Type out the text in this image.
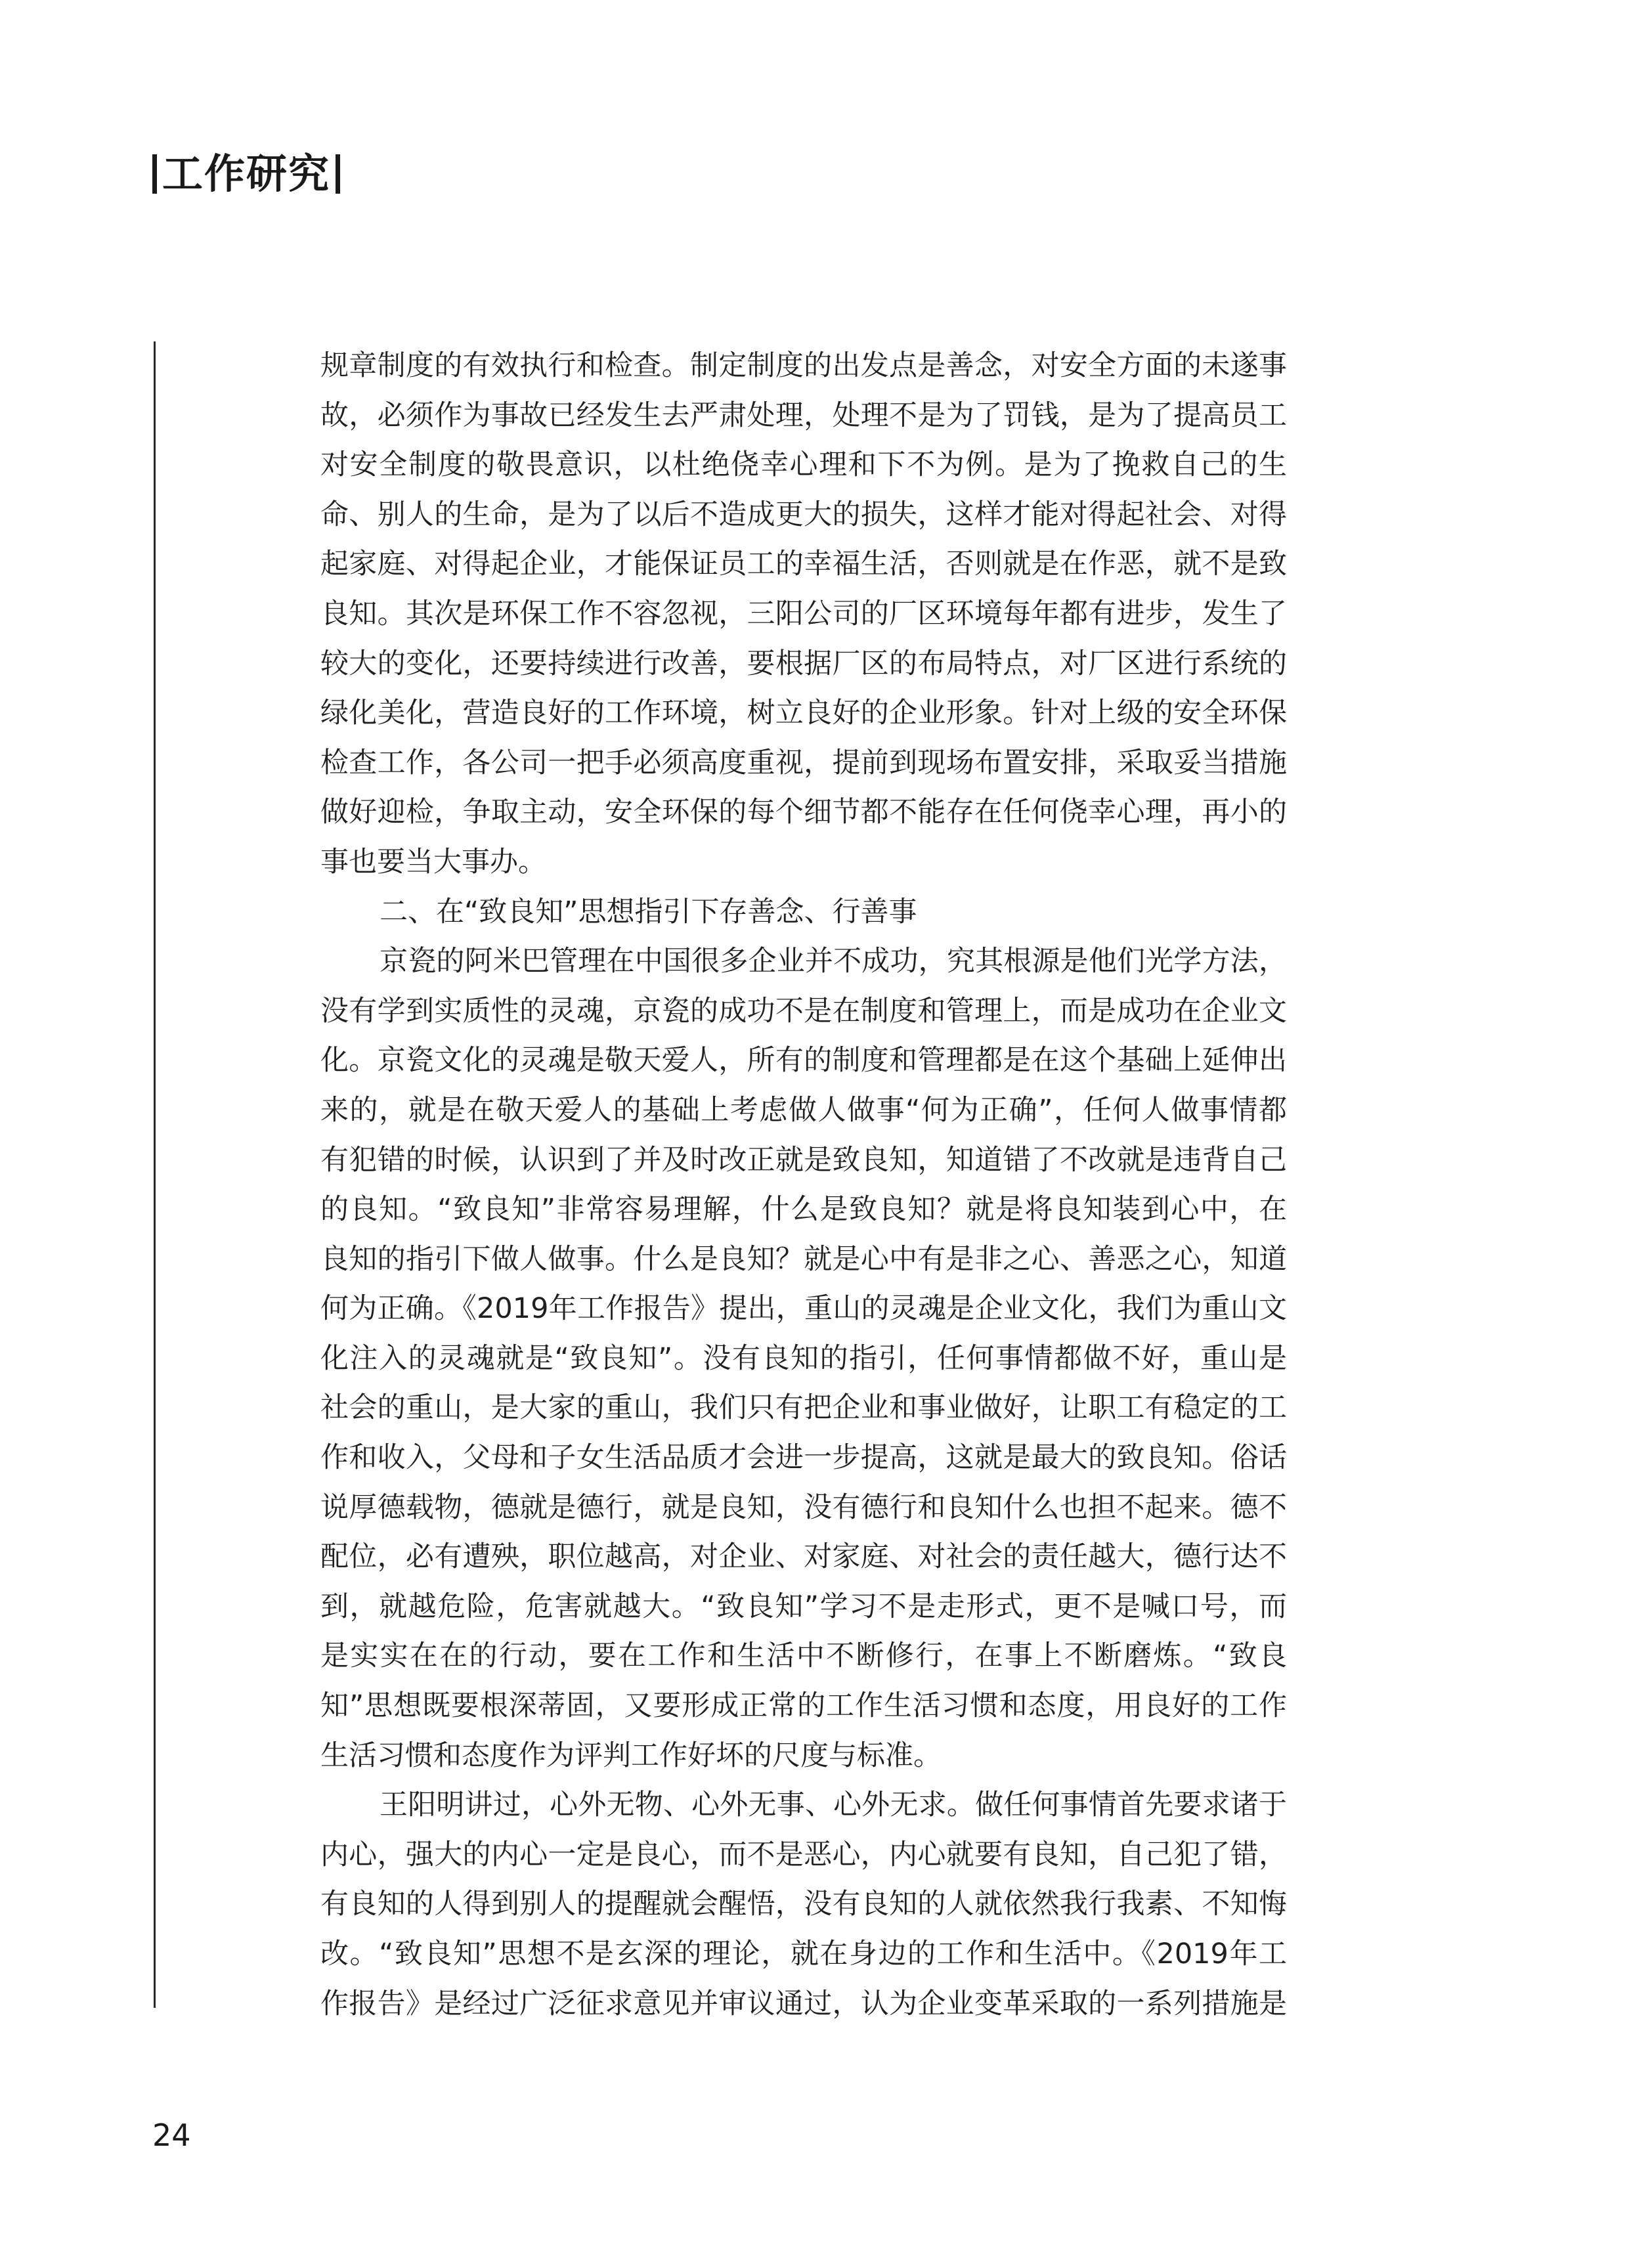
工作研究
规章制度的有效执行和检查。制定制度的出发点是善念，对安全方面的未遂事
故，必须作为事故已经发生去严肃处理，处理不是为了罚钱，是为了提高员工
对安全制度的敬畏意识，以杜绝侥幸心理和下不为例。是为了挽救自己的生
命、别人的生命，是为了以后不造成更大的损失，这样才能对得起社会、对得
起家庭、对得起企业，才能保证员工的幸福生活，否则就是在作恶，就不是致
良知。其次是环保工作不容忽视，三阳公司的厂区环境每年都有进步，发生了
较大的变化，还要持续进行改善，要根据厂区的布局特点，对厂区进行系统的
绿化美化，营造良好的工作环境，树立良好的企业形象。针对上级的安全环保
检查工作，各公司一把手必须高度重视，提前到现场布置安排，采取妥当措施
做好迎检，争取主动，安全环保的每个细节都不能存在任何侥幸心理，再小的
事也要当大事办。
二、在“致良知”思想指引下存善念、行善事
京瓷的阿米巴管理在中国很多企业并不成功，究其根源是他们光学方法，
没有学到实质性的灵魂，京瓷的成功不是在制度和管理上，而是成功在企业文
化。京瓷文化的灵魂是敬天爱人，所有的制度和管理都是在这个基础上延伸出
来的，就是在敬天爱人的基础上考虑做人做事“何为正确”，任何人做事情都
有犯错的时候，认识到了并及时改正就是致良知，知道错了不改就是违背自己
的良知。“致良知”非常容易理解，什么是致良知？就是将良知装到心中，在
良知的指引下做人做事。什么是良知？就是心中有是非之心、善恶之心，知道
何为正确。《2019年工作报告》提出，重山的灵魂是企业文化，我们为重山文
化注入的灵魂就是“致良知”。没有良知的指引，任何事情都做不好，重山是
社会的重山，是大家的重山，我们只有把企业和事业做好，让职工有稳定的工
作和收入，父母和子女生活品质才会进一步提高，这就是最大的致良知。俗话
说厚德载物，德就是德行，就是良知，没有德行和良知什么也担不起来。德不
配位，必有遭殃，职位越高，对企业、对家庭、对社会的责任越大，德行达不
到，就越危险，危害就越大。“致良知”学习不是走形式，更不是喊口号，而
是实实在在的行动，要在工作和生活中不断修行，在事上不断磨炼。“致良
知”思想既要根深蒂固，又要形成正常的工作生活习惯和态度，用良好的工作
生活习惯和态度作为评判工作好坏的尺度与标准。
王阳明讲过，心外无物、心外无事、心外无求。做任何事情首先要求诸于
内心，强大的内心一定是良心，而不是恶心，内心就要有良知，自己犯了错，
有良知的人得到别人的提醒就会醒悟，没有良知的人就依然我行我素、不知悔
改。“致良知”思想不是玄深的理论，就在身边的工作和生活中。《2019年工
作报告》是经过广泛征求意见并审议通过，认为企业变革采取的一系列措施是
24
